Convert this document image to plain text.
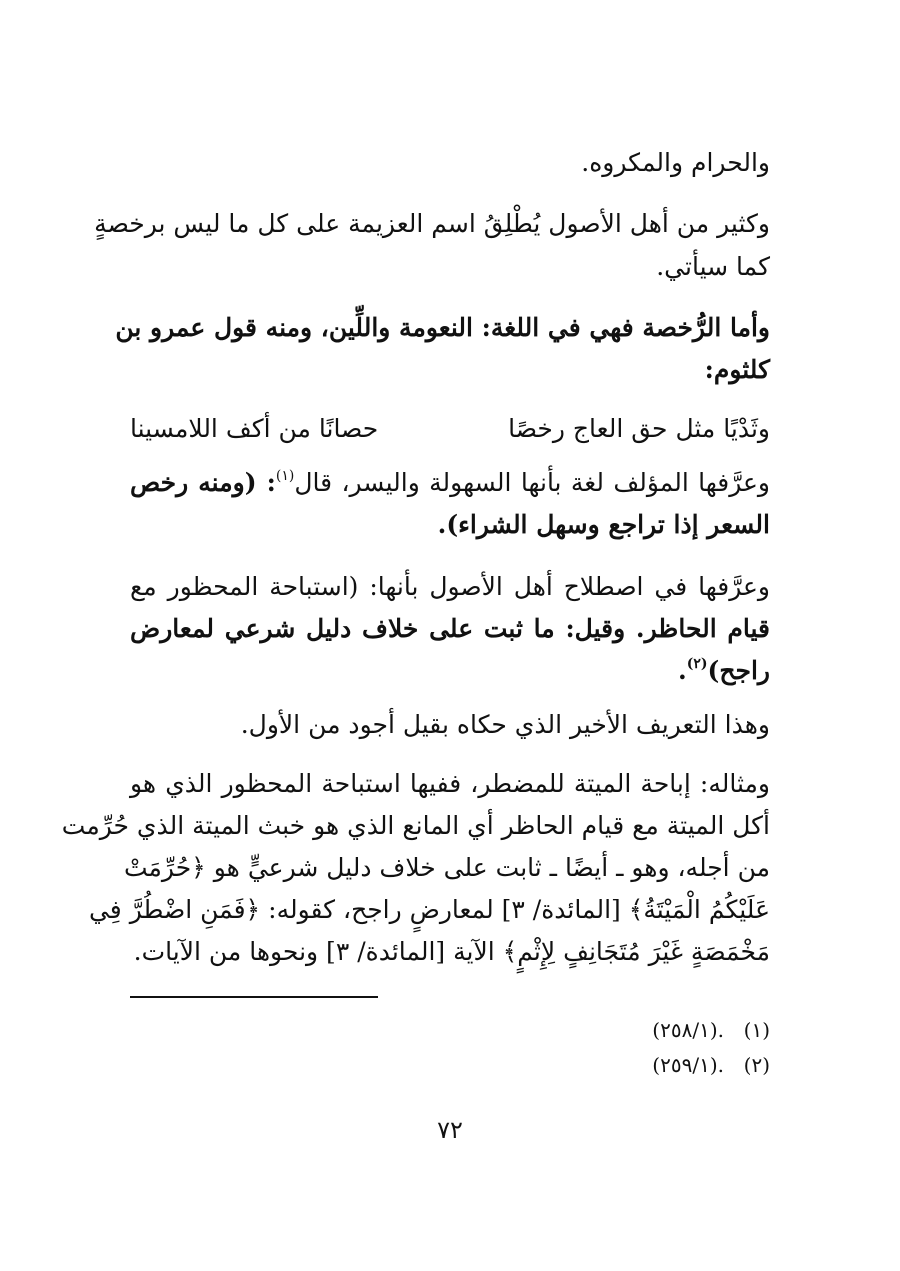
والحرام والمكروه.
وكثير من أهل الأصول يُطْلِقُ اسم العزيمة على كل ما ليس برخصةٍ
كما سيأتي.
وأما الرُّخصة فهي في اللغة: النعومة واللِّين، ومنه قول عمرو بن
كلثوم:
وثَدْيًا مثل حق العاج رخصًا
حصانًا من أكف اللامسينا
وعرَّفها المؤلف لغة بأنها السهولة واليسر، قال$^{(١)}$: (ومنه رخص
السعر إذا تراجع وسهل الشراء).
وعرَّفها في اصطلاح أهل الأصول بأنها: (استباحة المحظور مع
قيام الحاظر. وقيل: ما ثبت على خلاف دليل شرعي لمعارض
راجح)$^{(٢)}$.
وهذا التعريف الأخير الذي حكاه بقيل أجود من الأول.
ومثاله: إباحة الميتة للمضطر، ففيها استباحة المحظور الذي هو
أكل الميتة مع قيام الحاظر أي المانع الذي هو خبث الميتة الذي حُرِّمت
من أجله، وهو ـ أيضًا ـ ثابت على خلاف دليل شرعيٍّ هو ﴿حُرِّمَتْ
عَلَيْكُمُ الْمَيْتَةُ﴾ [المائدة/ ٣] لمعارضٍ راجح، كقوله: ﴿فَمَنِ اضْطُرَّ فِي
مَخْمَصَةٍ غَيْرَ مُتَجَانِفٍ لِإِثْمٍ﴾ الآية [المائدة/ ٣] ونحوها من الآيات.
(١).(٢٥٨/١)
(٢).(٢٥٩/١)
٧٢
